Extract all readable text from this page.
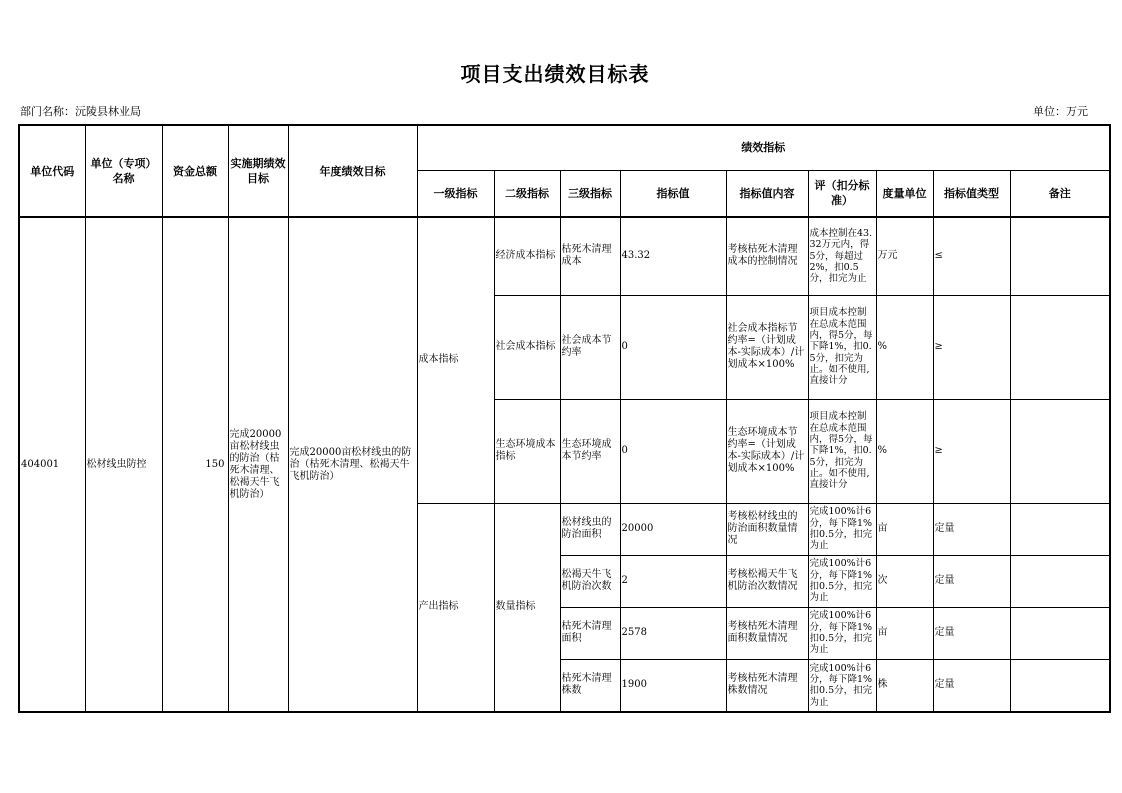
项目支出绩效目标表
部门名称：沅陵县林业局	单位：万元
单位代码	单位（专项）名称	资金总额	实施期绩效目标	年度绩效目标	绩效指标								
					一级指标	二级指标	三级指标	指标值	指标值内容	评（扣分标准）	度量单位	指标值类型	备注
404001	松材线虫防控	150	完成20000亩松材线虫的防治（枯死木清理、松褐天牛飞机防治）	完成20000亩松材线虫的防治（枯死木清理、松褐天牛飞机防治）	成本指标	经济成本指标	枯死木清理成本	43.32	考核枯死木清理成本的控制情况	成本控制在43.32万元内，得5分，每超过2%，扣0.5分，扣完为止	万元	≤	
						社会成本指标	社会成本节约率	0	社会成本指标节约率=（计划成本-实际成本）/计划成本×100%	项目成本控制在总成本范围内，得5分，每下降1%，扣0.5分，扣完为止。如不使用,直接计分	%	≥	
						生态环境成本指标	生态环境成本节约率	0	生态环境成本节约率=（计划成本-实际成本）/计划成本×100%	项目成本控制在总成本范围内，得5分，每下降1%，扣0.5分，扣完为止。如不使用,直接计分	%	≥	
					产出指标	数量指标	松材线虫的防治面积	20000	考核松材线虫的防治面积数量情况	完成100%计6分，每下降1%扣0.5分，扣完为止	亩	定量	
							松褐天牛飞机防治次数	2	考核松褐天牛飞机防治次数情况	完成100%计6分，每下降1%扣0.5分，扣完为止	次	定量	
							枯死木清理面积	2578	考核枯死木清理面积数量情况	完成100%计6分，每下降1%扣0.5分，扣完为止	亩	定量	
							枯死木清理株数	1900	考核枯死木清理株数情况	完成100%计6分，每下降1%扣0.5分，扣完为止	株	定量	
